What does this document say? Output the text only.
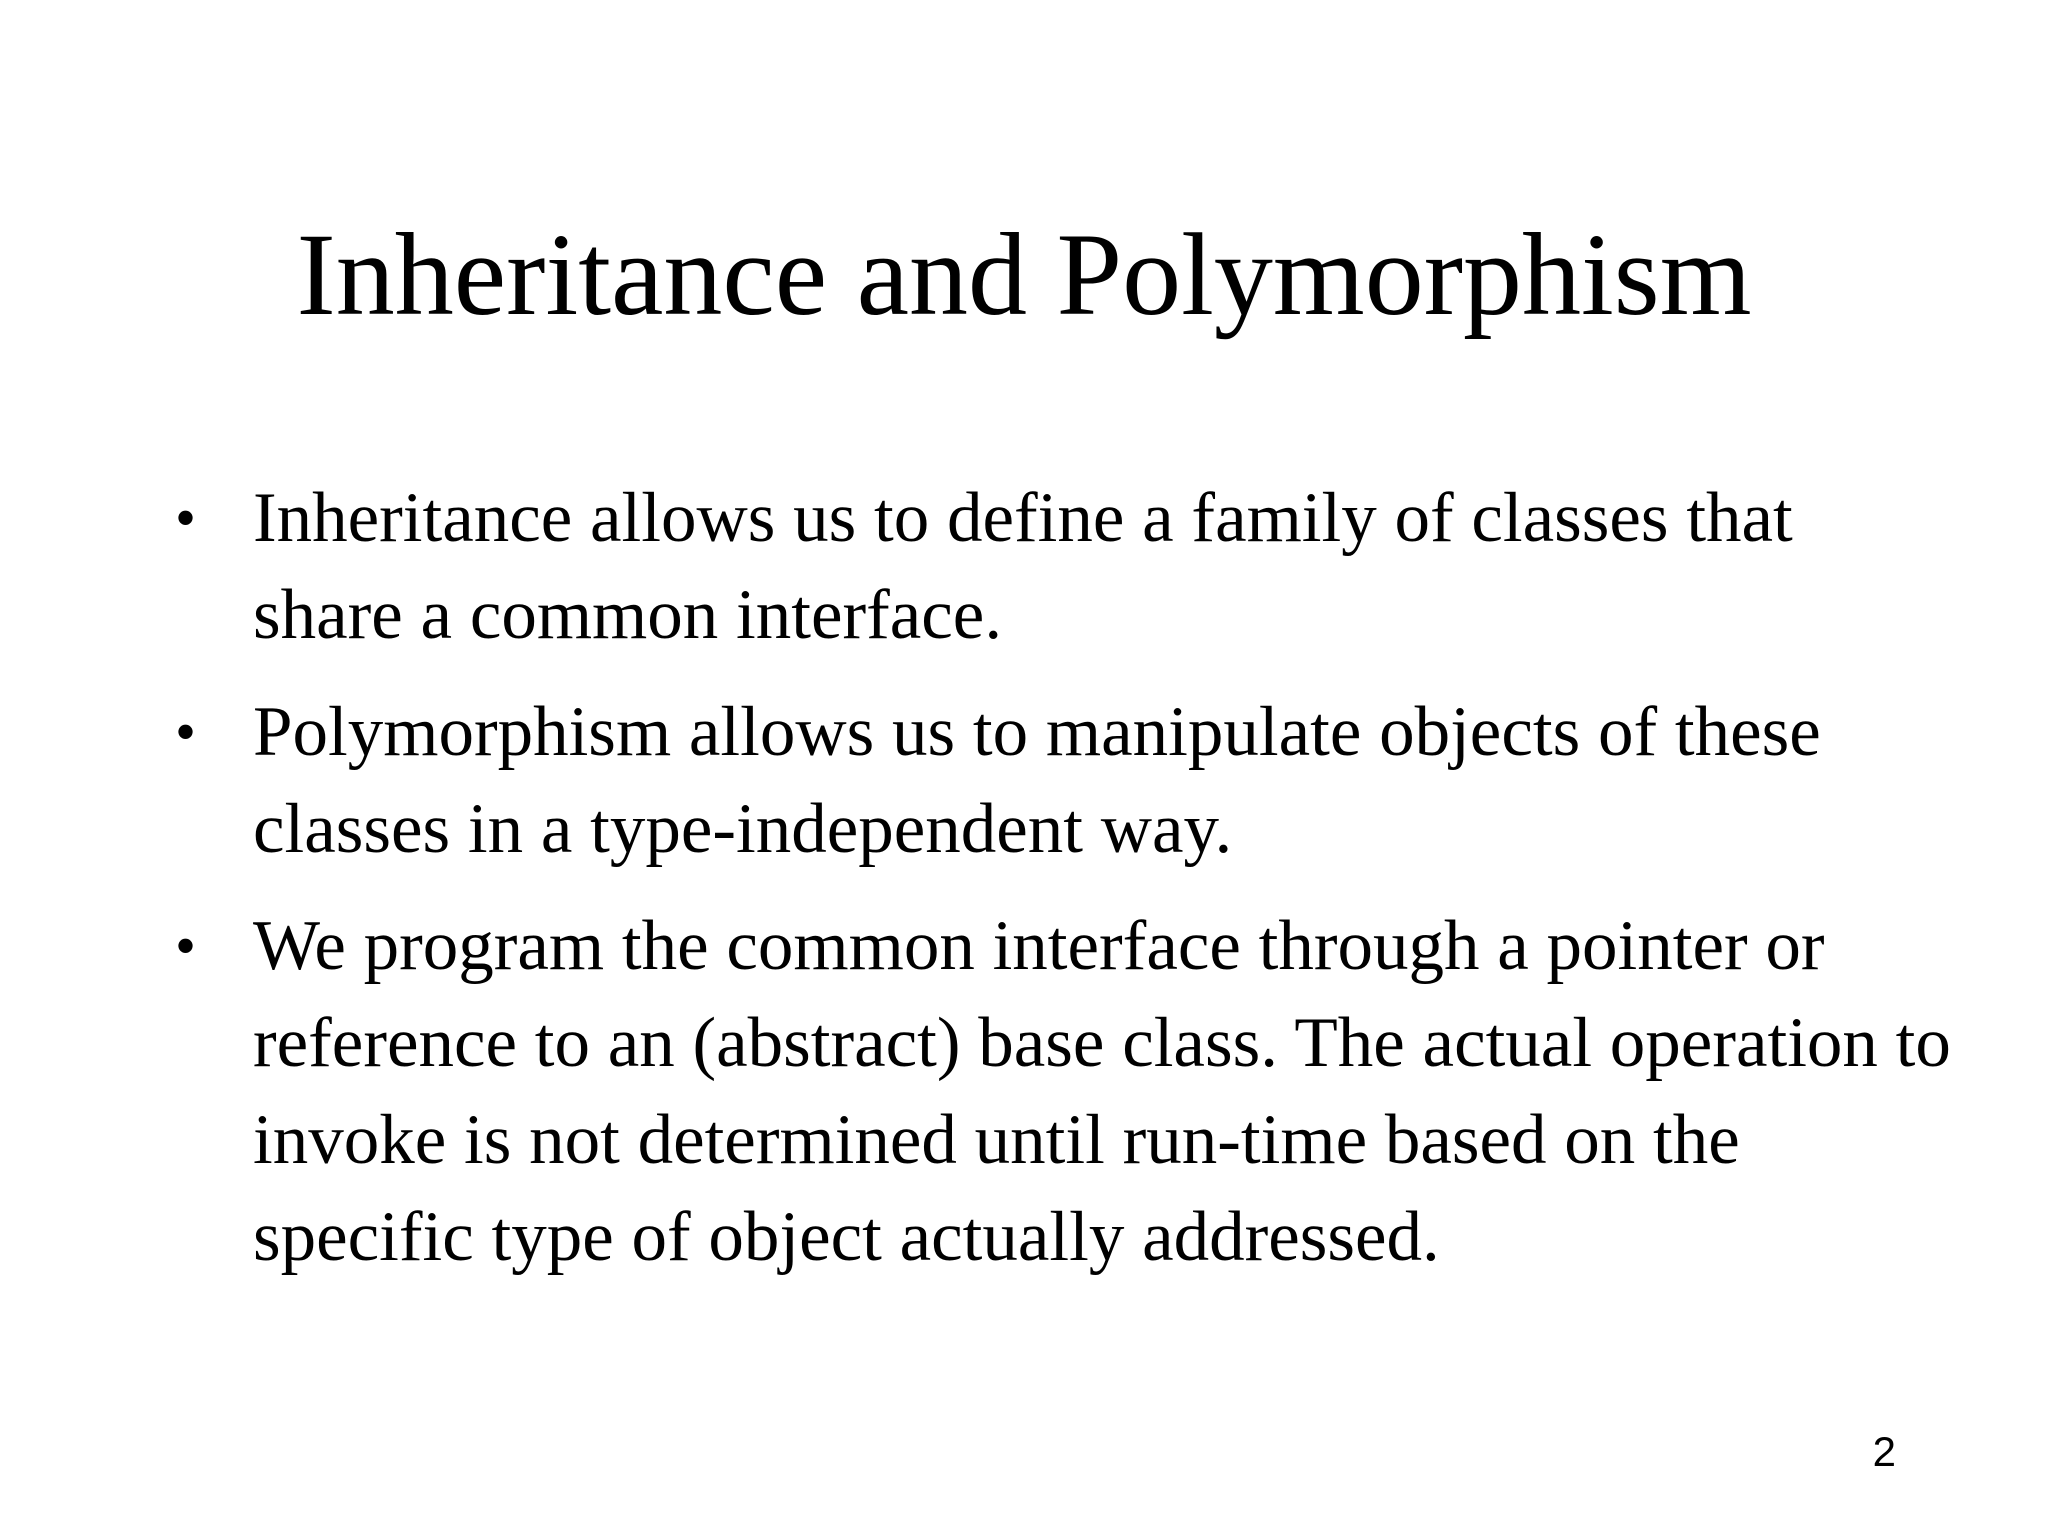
Inheritance and Polymorphism
• Inheritance allows us to define a family of classes that share a common interface.
• Polymorphism allows us to manipulate objects of these classes in a type-independent way.
• We program the common interface through a pointer or reference to an (abstract) base class. The actual operation to invoke is not determined until run-time based on the specific type of object actually addressed.
2
